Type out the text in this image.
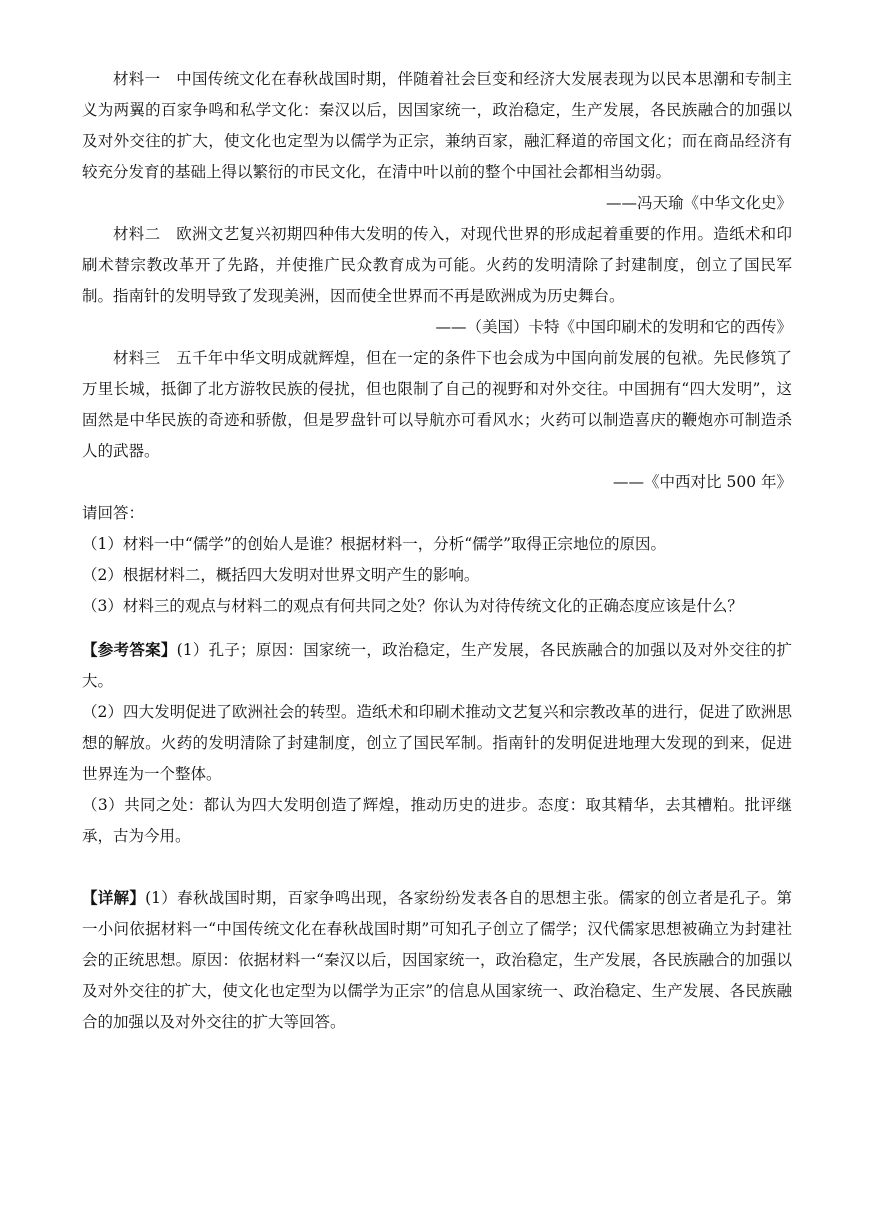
材料一　 中国传统文化在春秋战国时期，伴随着社会巨变和经济大发展表现为以民本思潮和专制主义为两翼的百家争鸣和私学文化：秦汉以后，因国家统一，政治稳定，生产发展，各民族融合的加强以及对外交往的扩大，使文化也定型为以儒学为正宗，兼纳百家，融汇释道的帝国文化；而在商品经济有较充分发育的基础上得以繁衍的市民文化，在清中叶以前的整个中国社会都相当幼弱。

——冯天瑜《中华文化史》

材料二　 欧洲文艺复兴初期四种伟大发明的传入，对现代世界的形成起着重要的作用。造纸术和印刷术替宗教改革开了先路，并使推广民众教育成为可能。火药的发明清除了封建制度，创立了国民军制。指南针的发明导致了发现美洲，因而使全世界而不再是欧洲成为历史舞台。

——（美国）卡特《中国印刷术的发明和它的西传》

材料三　 五千年中华文明成就辉煌，但在一定的条件下也会成为中国向前发展的包袱。先民修筑了万里长城，抵御了北方游牧民族的侵扰，但也限制了自己的视野和对外交往。中国拥有“四大发明”，这固然是中华民族的奇迹和骄傲，但是罗盘针可以导航亦可看风水；火药可以制造喜庆的鞭炮亦可制造杀人的武器。

——《中西对比 500 年》

请回答：

（1）材料一中“儒学”的创始人是谁？根据材料一，分析“儒学”取得正宗地位的原因。

（2）根据材料二，概括四大发明对世界文明产生的影响。

（3）材料三的观点与材料二的观点有何共同之处？你认为对待传统文化的正确态度应该是什么？

【参考答案】(1）孔子；原因：国家统一，政治稳定，生产发展，各民族融合的加强以及对外交往的扩大。

（2）四大发明促进了欧洲社会的转型。造纸术和印刷术推动文艺复兴和宗教改革的进行，促进了欧洲思想的解放。火药的发明清除了封建制度，创立了国民军制。指南针的发明促进地理大发现的到来，促进世界连为一个整体。

（3）共同之处：都认为四大发明创造了辉煌，推动历史的进步。态度：取其精华，去其槽粕。批评继承，古为今用。

【详解】(1）春秋战国时期，百家争鸣出现，各家纷纷发表各自的思想主张。儒家的创立者是孔子。第一小问依据材料一“中国传统文化在春秋战国时期”可知孔子创立了儒学；汉代儒家思想被确立为封建社会的正统思想。原因：依据材料一“秦汉以后，因国家统一，政治稳定，生产发展，各民族融合的加强以及对外交往的扩大，使文化也定型为以儒学为正宗”的信息从国家统一、政治稳定、生产发展、各民族融合的加强以及对外交往的扩大等回答。
